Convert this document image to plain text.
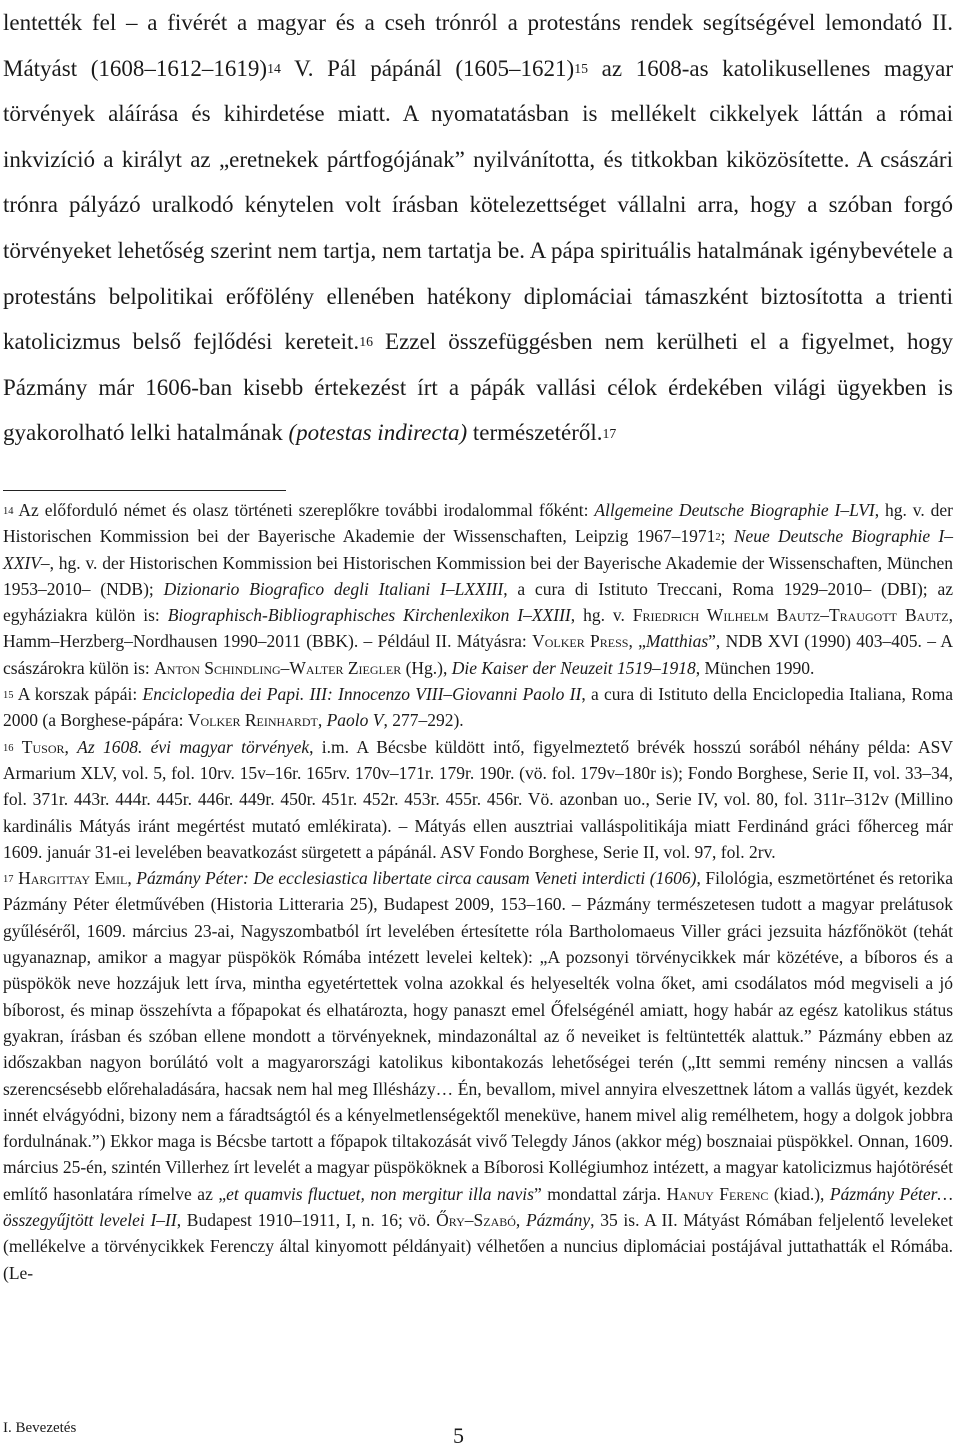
lentették fel – a fivérét a magyar és a cseh trónról a protestáns rendek segítségével lemondató II. Mátyást $(1608-1612-1619)^{14}$ V. Pál pápánál (1605–1621)$^{15}$ az 1608-as katolikusellenes magyar törvények aláírása és kihirdetése miatt. A nyomatatásban is mellékelt cikkelyek láttán a római inkvizíció a királyt az „eretnekek pártfogójának” nyilvánította, és titkokban kiközösítette. A császári trónra pályázó uralkodó kénytelen volt írásban kötelezettséget vállalni arra, hogy a szóban forgó törvényeket lehetőség szerint nem tartja, nem tartatja be. A pápa spirituális hatalmának igénybevétele a protestáns belpolitikai erőfölény ellenében hatékony diplomáciai támaszként biztosította a trienti katolicizmus belső fejlődési kereteit.$^{16}$ Ezzel összefüggésben nem kerülheti el a figyelmet, hogy Pázmány már 1606-ban kisebb értekezést írt a pápák vallási célok érdekében világi ügyekben is gyakorolható lelki hatalmának (potestas indirecta) természetéről.$^{17}$

$^{14}$ Az előforduló német és olasz történeti szereplőkre további irodalommal főként: Allgemeine Deutsche Biographie I–LVI, hg. v. der Historischen Kommission bei der Bayerische Akademie der Wissenschaften, Leipzig 1967–1971$^2$; Neue Deutsche Biographie I–XXIV–, hg. v. der Historischen Kommission bei Historischen Kommission bei der Bayerische Akademie der Wissenschaften, München 1953–2010– (NDB); Dizionario Biografico degli Italiani I–LXXIII, a cura di Istituto Treccani, Roma 1929–2010– (DBI); az egyháziakra külön is: Biographisch-Bibliographisches Kirchenlexikon I–XXIII, hg. v. Friedrich Wilhelm Bautz–Traugott Bautz, Hamm–Herzberg–Nordhausen 1990–2011 (BBK). – Például II. Mátyásra: Volker Press, „Matthias”, NDB XVI (1990) 403–405. – A császárokra külön is: Anton Schindling–Walter Ziegler (Hg.), Die Kaiser der Neuzeit 1519–1918, München 1990.

$^{15}$ A korszak pápái: Enciclopedia dei Papi. III: Innocenzo VIII–Giovanni Paolo II, a cura di Istituto della Enciclopedia Italiana, Roma 2000 (a Borghese-pápára: Volker Reinhardt, Paolo V, 277–292).

$^{16}$ Tusor, Az 1608. évi magyar törvények, i.m. A Bécsbe küldött intő, figyelmeztető brévék hosszú sorából néhány példa: ASV Armarium XLV, vol. 5, fol. 10rv. 15v–16r. 165rv. 170v–171r. 179r. 190r. (vö. fol. 179v–180r is); Fondo Borghese, Serie II, vol. 33–34, fol. 371r. 443r. 444r. 445r. 446r. 449r. 450r. 451r. 452r. 453r. 455r. 456r. Vö. azonban uo., Serie IV, vol. 80, fol. 311r–312v (Millino kardinális Mátyás iránt megértést mutató emlékirata). – Mátyás ellen ausztriai valláspolitikája miatt Ferdinánd gráci főherceg már 1609. január 31-ei levelében beavatkozást sürgetett a pápánál. ASV Fondo Borghese, Serie II, vol. 97, fol. 2rv.

$^{17}$ Hargittay Emil, Pázmány Péter: De ecclesiastica libertate circa causam Veneti interdicti (1606), Filológia, eszmetörténet és retorika Pázmány Péter életművében (Historia Litteraria 25), Budapest 2009, 153–160. – Pázmány természetesen tudott a magyar prelátusok gyűléséről, 1609. március 23-ai, Nagyszombatból írt levelében értesítette róla Bartholomaeus Viller gráci jezsuita házfőnököt (tehát ugyanaznap, amikor a magyar püspökök Rómába intézett levelei keltek): „A pozsonyi törvénycikkek már közétéve, a bíboros és a püspökök neve hozzájuk lett írva, mintha egyetértettek volna azokkal és helyeselték volna őket, ami csodálatos mód megviseli a jó bíborost, és minap összehívta a főpapokat és elhatározta, hogy panaszt emel Őfelségénél amiatt, hogy habár az egész katolikus státus gyakran, írásban és szóban ellene mondott a törvényeknek, mindazonáltal az ő neveiket is feltüntették alattuk.” Pázmány ebben az időszakban nagyon borúlátó volt a magyarországi katolikus kibontakozás lehetőségei terén („Itt semmi remény nincsen a vallás szerencsésebb előrehaladására, hacsak nem hal meg Illésházy… Én, bevallom, mivel annyira elveszettnek látom a vallás ügyét, kezdek innét elvágyódni, bizony nem a fáradtságtól és a kényelmetlenségektől meneküve, hanem mivel alig remélhetem, hogy a dolgok jobbra fordulnának.”) Ekkor maga is Bécsbe tartott a főpapok tiltakozását vivő Telegdy János (akkor még) bosznaiai püspökkel. Onnan, 1609. március 25-én, szintén Villerhez írt levelét a magyar püspököknek a Bíborosi Kollégiumhoz intézett, a magyar katolicizmus hajótörését említő hasonlatára rímelve az „et quamvis fluctuet, non mergitur illa navis” mondattal zárja. Hanuy Ferenc (kiad.), Pázmány Péter… összegyűjtött levelei I–II, Budapest 1910–1911, I, n. 16; vö. Őry–Szabó, Pázmány, 35 is. A II. Mátyást Rómában feljelentő leveleket (mellékelve a törvénycikkek Ferenczy által kinyomott példányait) vélhetően a nuncius diplomáciai postájával juttathatták el Rómába. (Le-

I. Bevezetés	5
